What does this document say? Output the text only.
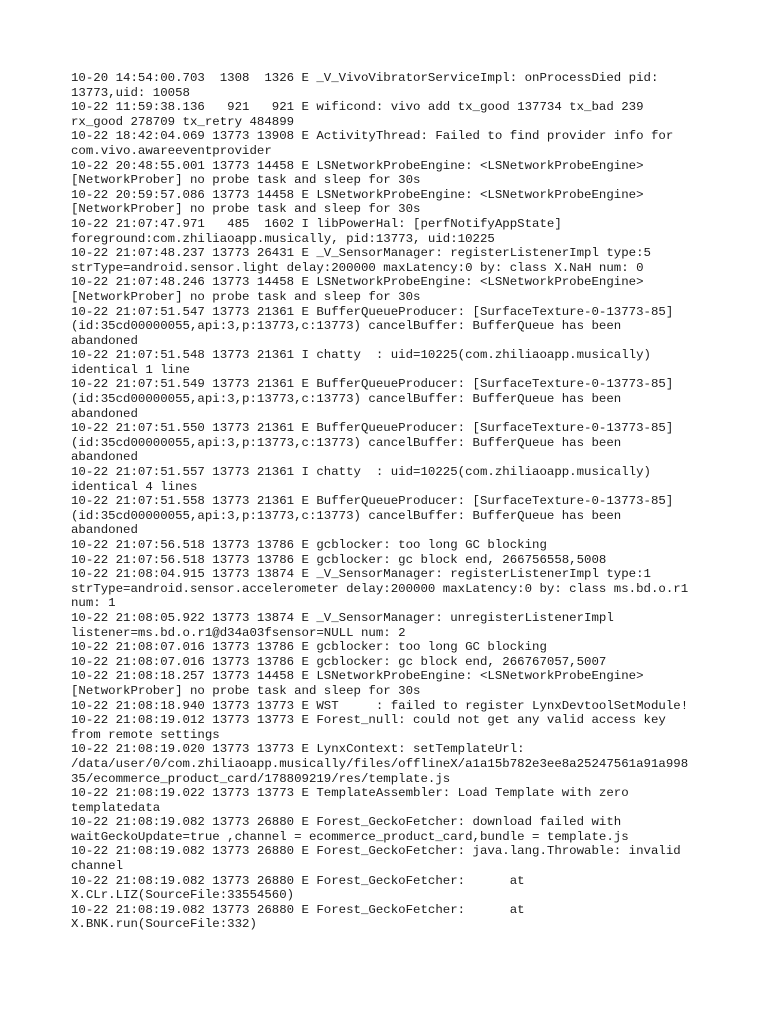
10-20 14:54:00.703  1308  1326 E _V_VivoVibratorServiceImpl: onProcessDied pid:
13773,uid: 10058
10-22 11:59:38.136   921   921 E wificond: vivo add tx_good 137734 tx_bad 239
rx_good 278709 tx_retry 484899
10-22 18:42:04.069 13773 13908 E ActivityThread: Failed to find provider info for
com.vivo.awareeventprovider
10-22 20:48:55.001 13773 14458 E LSNetworkProbeEngine: <LSNetworkProbeEngine>
[NetworkProber] no probe task and sleep for 30s
10-22 20:59:57.086 13773 14458 E LSNetworkProbeEngine: <LSNetworkProbeEngine>
[NetworkProber] no probe task and sleep for 30s
10-22 21:07:47.971   485  1602 I libPowerHal: [perfNotifyAppState]
foreground:com.zhiliaoapp.musically, pid:13773, uid:10225
10-22 21:07:48.237 13773 26431 E _V_SensorManager: registerListenerImpl type:5
strType=android.sensor.light delay:200000 maxLatency:0 by: class X.NaH num: 0
10-22 21:07:48.246 13773 14458 E LSNetworkProbeEngine: <LSNetworkProbeEngine>
[NetworkProber] no probe task and sleep for 30s
10-22 21:07:51.547 13773 21361 E BufferQueueProducer: [SurfaceTexture-0-13773-85]
(id:35cd00000055,api:3,p:13773,c:13773) cancelBuffer: BufferQueue has been
abandoned
10-22 21:07:51.548 13773 21361 I chatty  : uid=10225(com.zhiliaoapp.musically)
identical 1 line
10-22 21:07:51.549 13773 21361 E BufferQueueProducer: [SurfaceTexture-0-13773-85]
(id:35cd00000055,api:3,p:13773,c:13773) cancelBuffer: BufferQueue has been
abandoned
10-22 21:07:51.550 13773 21361 E BufferQueueProducer: [SurfaceTexture-0-13773-85]
(id:35cd00000055,api:3,p:13773,c:13773) cancelBuffer: BufferQueue has been
abandoned
10-22 21:07:51.557 13773 21361 I chatty  : uid=10225(com.zhiliaoapp.musically)
identical 4 lines
10-22 21:07:51.558 13773 21361 E BufferQueueProducer: [SurfaceTexture-0-13773-85]
(id:35cd00000055,api:3,p:13773,c:13773) cancelBuffer: BufferQueue has been
abandoned
10-22 21:07:56.518 13773 13786 E gcblocker: too long GC blocking
10-22 21:07:56.518 13773 13786 E gcblocker: gc block end, 266756558,5008
10-22 21:08:04.915 13773 13874 E _V_SensorManager: registerListenerImpl type:1
strType=android.sensor.accelerometer delay:200000 maxLatency:0 by: class ms.bd.o.r1
num: 1
10-22 21:08:05.922 13773 13874 E _V_SensorManager: unregisterListenerImpl
listener=ms.bd.o.r1@d34a03fsensor=NULL num: 2
10-22 21:08:07.016 13773 13786 E gcblocker: too long GC blocking
10-22 21:08:07.016 13773 13786 E gcblocker: gc block end, 266767057,5007
10-22 21:08:18.257 13773 14458 E LSNetworkProbeEngine: <LSNetworkProbeEngine>
[NetworkProber] no probe task and sleep for 30s
10-22 21:08:18.940 13773 13773 E WST     : failed to register LynxDevtoolSetModule!
10-22 21:08:19.012 13773 13773 E Forest_null: could not get any valid access key
from remote settings
10-22 21:08:19.020 13773 13773 E LynxContext: setTemplateUrl:
/data/user/0/com.zhiliaoapp.musically/files/offlineX/a1a15b782e3ee8a25247561a91a998
35/ecommerce_product_card/178809219/res/template.js
10-22 21:08:19.022 13773 13773 E TemplateAssembler: Load Template with zero
templatedata
10-22 21:08:19.082 13773 26880 E Forest_GeckoFetcher: download failed with
waitGeckoUpdate=true ,channel = ecommerce_product_card,bundle = template.js
10-22 21:08:19.082 13773 26880 E Forest_GeckoFetcher: java.lang.Throwable: invalid
channel
10-22 21:08:19.082 13773 26880 E Forest_GeckoFetcher:      at
X.CLr.LIZ(SourceFile:33554560)
10-22 21:08:19.082 13773 26880 E Forest_GeckoFetcher:      at
X.BNK.run(SourceFile:332)
